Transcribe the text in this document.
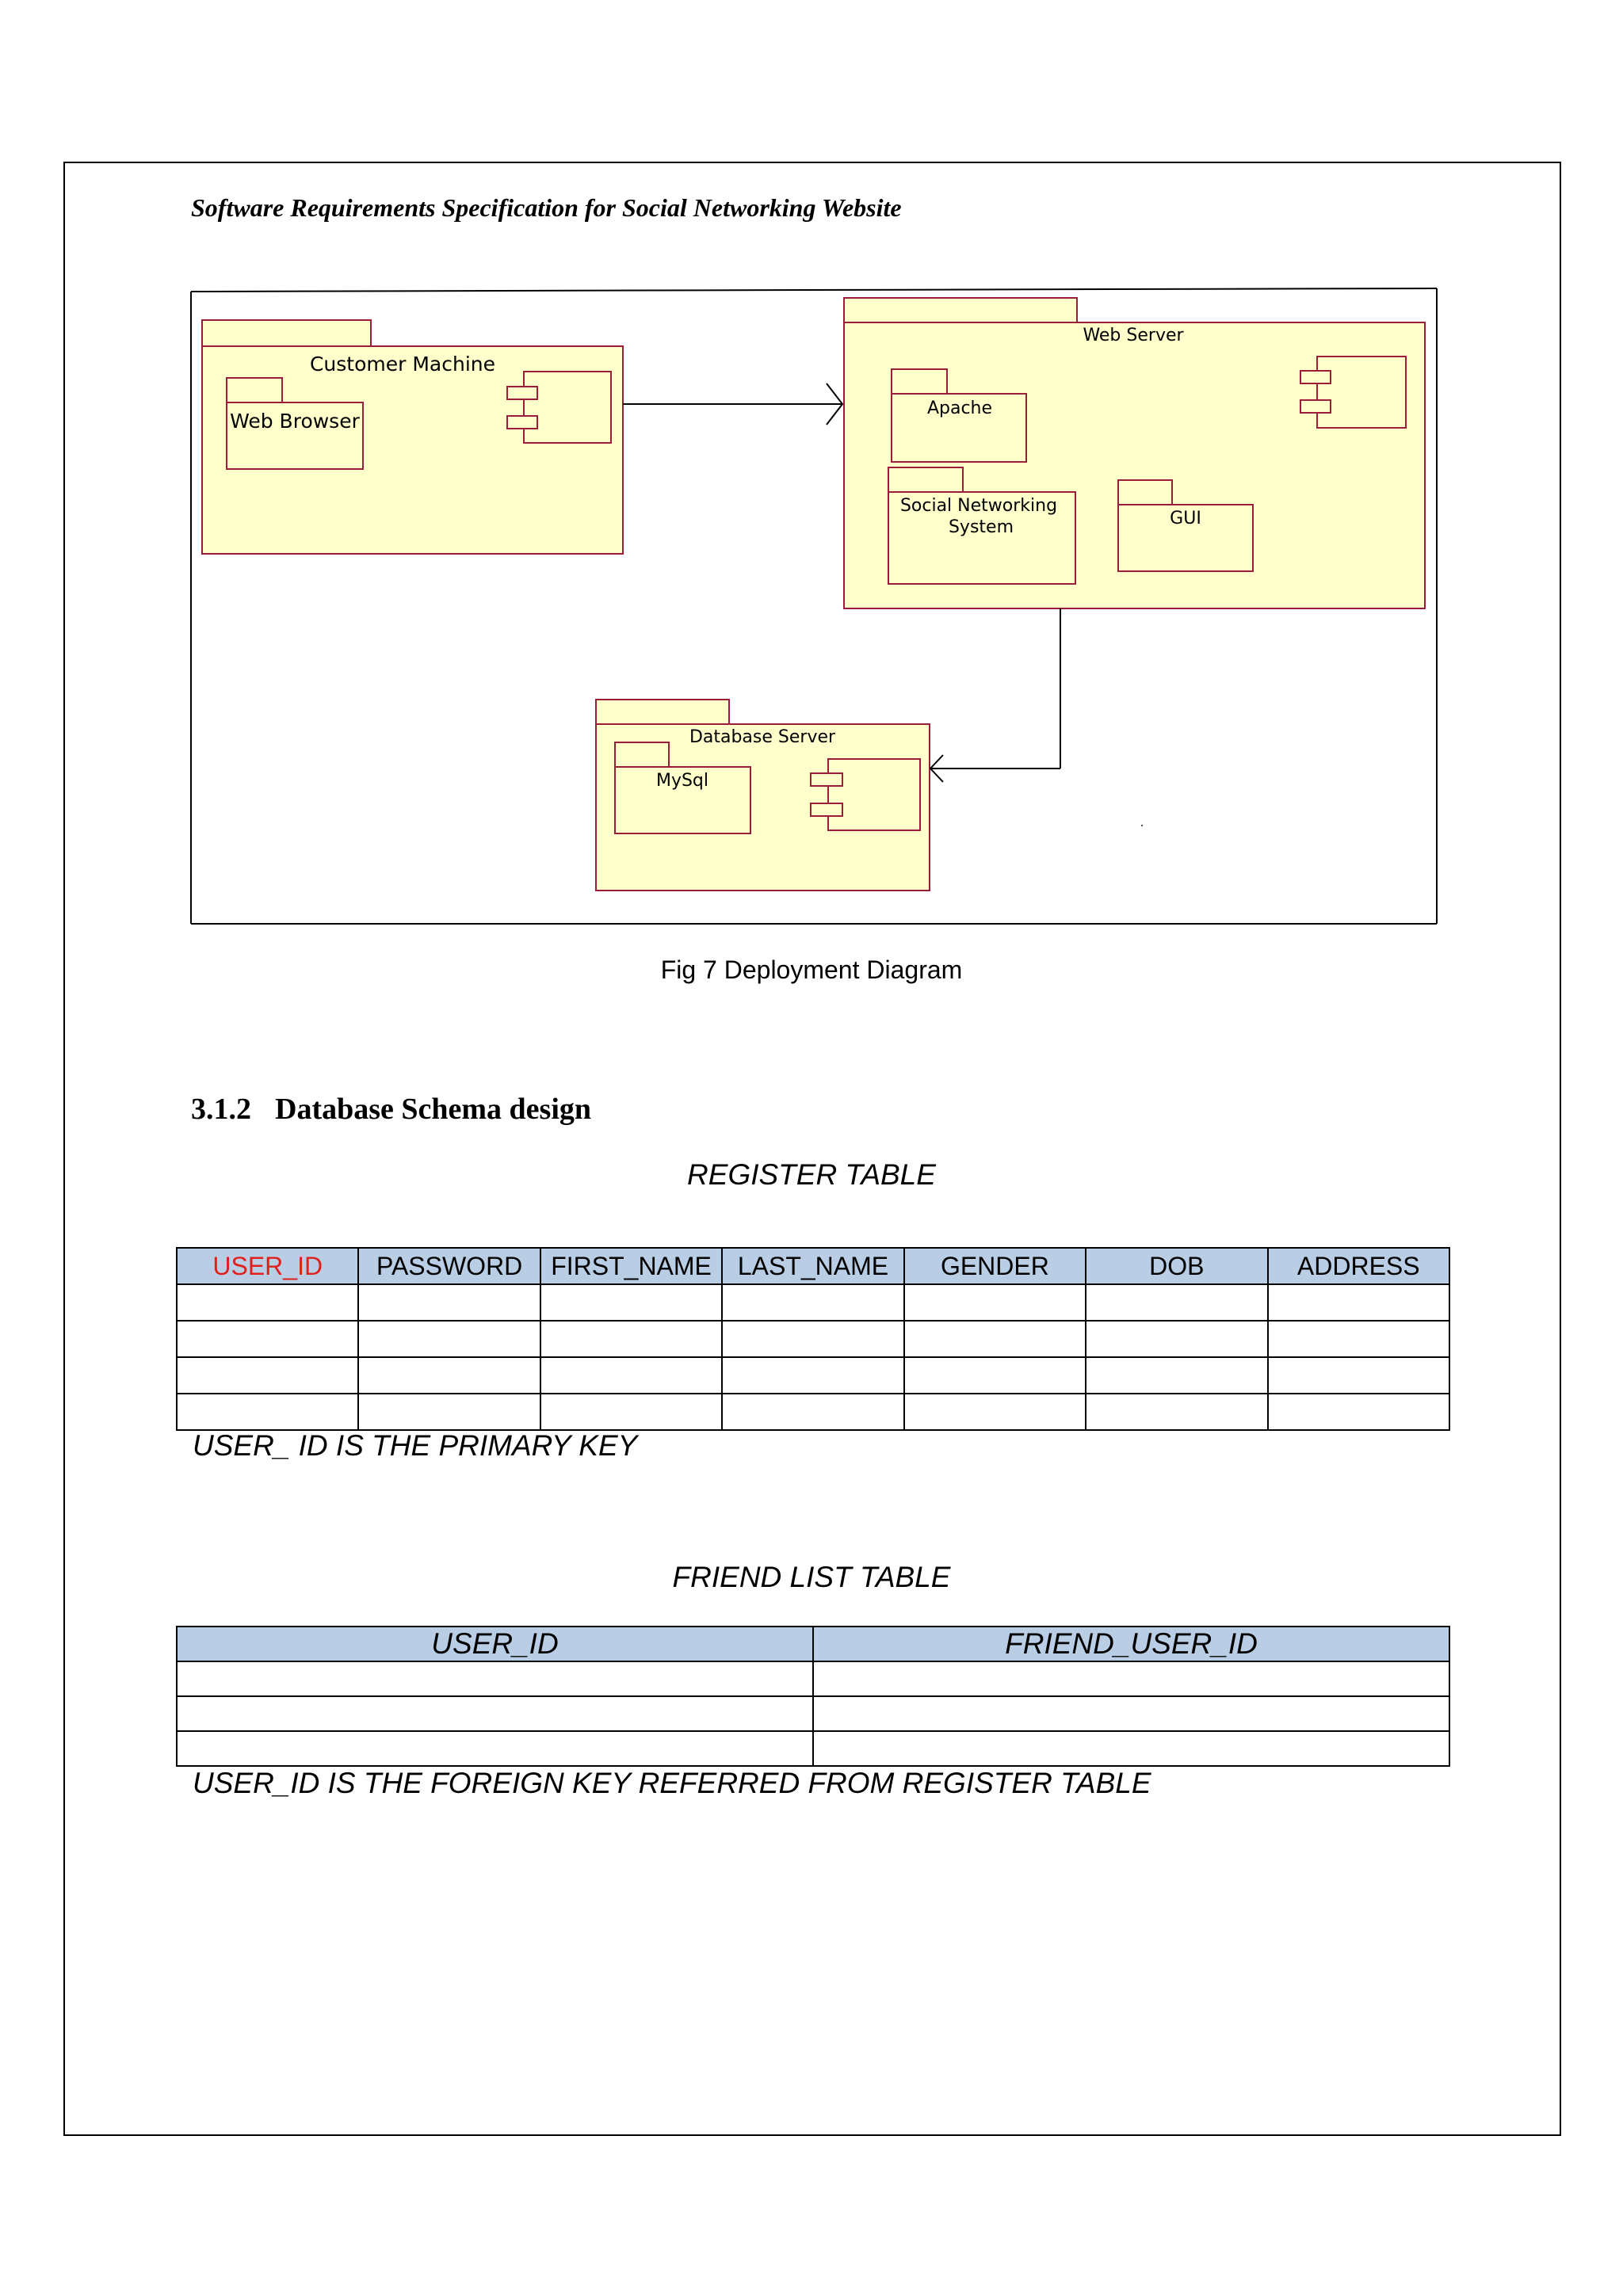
Software Requirements Specification for Social Networking Website
Customer Machine
Web Browser
Web Server
Apache
Social Networking
System	GUI
Database Server
MySql
Fig 7 Deployment Diagram
3.1.2 Database Schema design
REGISTER TABLE
USER_ID	PASSWORD	FIRST_NAME	LAST_NAME	GENDER	DOB	ADDRESS

USER_ ID IS THE PRIMARY KEY
FRIEND LIST TABLE
USER_ID	FRIEND_USER_ID

USER_ID IS THE FOREIGN KEY REFERRED FROM REGISTER TABLE
